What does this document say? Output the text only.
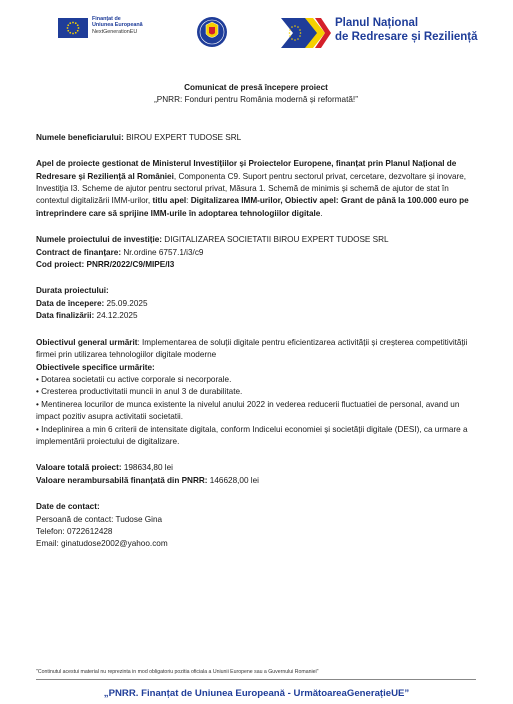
Finanțat de
Uniunea Europeană
NextGenerationEU
Planul Național
de Redresare și Reziliență

Comunicat de presă începere proiect

„PNRR: Fonduri pentru România modernă și reformată!”

Numele beneficiarului: BIROU EXPERT TUDOSE SRL

Apel de proiecte gestionat de Ministerul Investițiilor și Proiectelor Europene, finanțat prin Planul Național de Redresare și Reziliență al României, Componenta C9. Suport pentru sectorul privat, cercetare, dezvoltare și inovare, Investiția I3. Scheme de ajutor pentru sectorul privat, Măsura 1. Schemă de minimis și schemă de ajutor de stat în contextul digitalizării IMM-urilor, titlu apel: Digitalizarea IMM-urilor, Obiectiv apel: Grant de până la 100.000 euro pe întreprindere care să sprijine IMM-urile în adoptarea tehnologiilor digitale.

Numele proiectului de investiție: DIGITALIZAREA SOCIETATII BIROU EXPERT TUDOSE SRL

Contract de finanțare: Nr.ordine 6757.1/i3/c9

Cod proiect: PNRR/2022/C9/MIPE/I3

Durata proiectului:

Data de începere: 25.09.2025

Data finalizării: 24.12.2025

Obiectivul general urmărit: Implementarea de soluții digitale pentru eficientizarea activității și creșterea competitivității firmei prin utilizarea tehnologiilor digitale moderne

Obiectivele specifice urmărite:

• Dotarea societatii cu active corporale si necorporale.
• Cresterea productivitatii muncii in anul 3 de durabilitate.
• Mentinerea locurilor de munca existente la nivelul anului 2022 in vederea reducerii fluctuatiei de personal, avand un impact pozitiv asupra activitatii societatii.
• Indeplinirea a min 6 criterii de intensitate digitala, conform Indicelui economiei și societății digitale (DESI), ca urmare a implementării proiectului de digitalizare.

Valoare totală proiect: 198634,80 lei

Valoare nerambursabilă finanțată din PNRR: 146628,00 lei

Date de contact:

Persoană de contact: Tudose Gina

Telefon: 0722612428

Email: ginatudose2002@yahoo.com

"Continutul acestui material nu reprezinta in mod obligatoriu pozitia oficiala a Uniunii Europene sau a Guvernului Romaniei"
„PNRR. Finanțat de Uniunea Europeană - UrmătoareaGenerațieUE”
